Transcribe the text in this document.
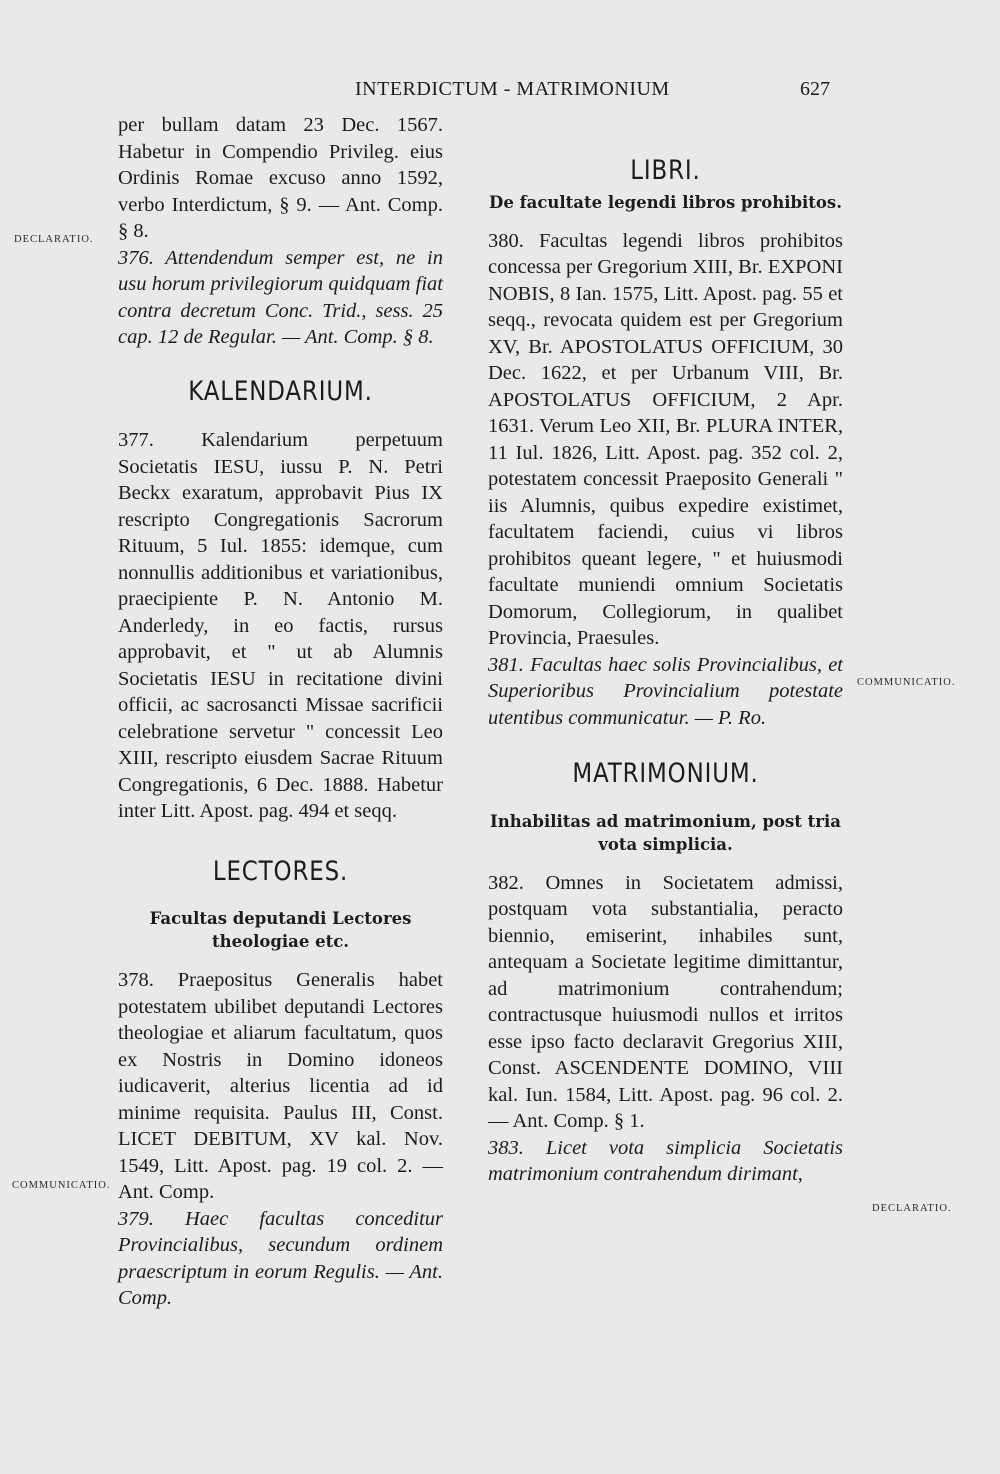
INTERDICTUM - MATRIMONIUM	627
DECLARATIO.
COMMUNICATIO.
COMMUNICATIO.
DECLARATIO.

per bullam datam 23 Dec. 1567. Habetur in Compendio Privileg. eius Ordinis Romae excuso anno 1592, verbo Interdictum, § 9. — Ant. Comp. § 8.

376. Attendendum semper est, ne in usu horum privilegiorum quidquam fiat contra decretum Conc. Trid., sess. 25 cap. 12 de Regular. — Ant. Comp. § 8.

KALENDARIUM.

377. Kalendarium perpetuum Societatis IESU, iussu P. N. Petri Beckx exaratum, approbavit Pius IX rescripto Congregationis Sacrorum Rituum, 5 Iul. 1855: idemque, cum nonnullis additionibus et variationibus, praecipiente P. N. Antonio M. Anderledy, in eo factis, rursus approbavit, et " ut ab Alumnis Societatis IESU in recitatione divini officii, ac sacrosancti Missae sacrificii celebratione servetur " concessit Leo XIII, rescripto eiusdem Sacrae Rituum Congregationis, 6 Dec. 1888. Habetur inter Litt. Apost. pag. 494 et seqq.

LECTORES.
Facultas deputandi Lectores theologiae etc.

378. Praepositus Generalis habet potestatem ubilibet deputandi Lectores theologiae et aliarum facultatum, quos ex Nostris in Domino idoneos iudicaverit, alterius licentia ad id minime requisita. Paulus III, Const. LICET DEBITUM, XV kal. Nov. 1549, Litt. Apost. pag. 19 col. 2. — Ant. Comp.

379. Haec facultas conceditur Provincialibus, secundum ordinem praescriptum in eorum Regulis. — Ant. Comp.

LIBRI.
De facultate legendi libros prohibitos.

380. Facultas legendi libros prohibitos concessa per Gregorium XIII, Br. EXPONI NOBIS, 8 Ian. 1575, Litt. Apost. pag. 55 et seqq., revocata quidem est per Gregorium XV, Br. APOSTOLATUS OFFICIUM, 30 Dec. 1622, et per Urbanum VIII, Br. APOSTOLATUS OFFICIUM, 2 Apr. 1631. Verum Leo XII, Br. PLURA INTER, 11 Iul. 1826, Litt. Apost. pag. 352 col. 2, potestatem concessit Praeposito Generali " iis Alumnis, quibus expedire existimet, facultatem faciendi, cuius vi libros prohibitos queant legere, " et huiusmodi facultate muniendi omnium Societatis Domorum, Collegiorum, in qualibet Provincia, Praesules.

381. Facultas haec solis Provincialibus, et Superioribus Provincialium potestate utentibus communicatur. — P. Ro.

MATRIMONIUM.
Inhabilitas ad matrimonium, post tria vota simplicia.

382. Omnes in Societatem admissi, postquam vota substantialia, peracto biennio, emiserint, inhabiles sunt, antequam a Societate legitime dimittantur, ad matrimonium contrahendum; contractusque huiusmodi nullos et irritos esse ipso facto declaravit Gregorius XIII, Const. ASCENDENTE DOMINO, VIII kal. Iun. 1584, Litt. Apost. pag. 96 col. 2. — Ant. Comp. § 1.

383. Licet vota simplicia Societatis matrimonium contrahendum dirimant,
